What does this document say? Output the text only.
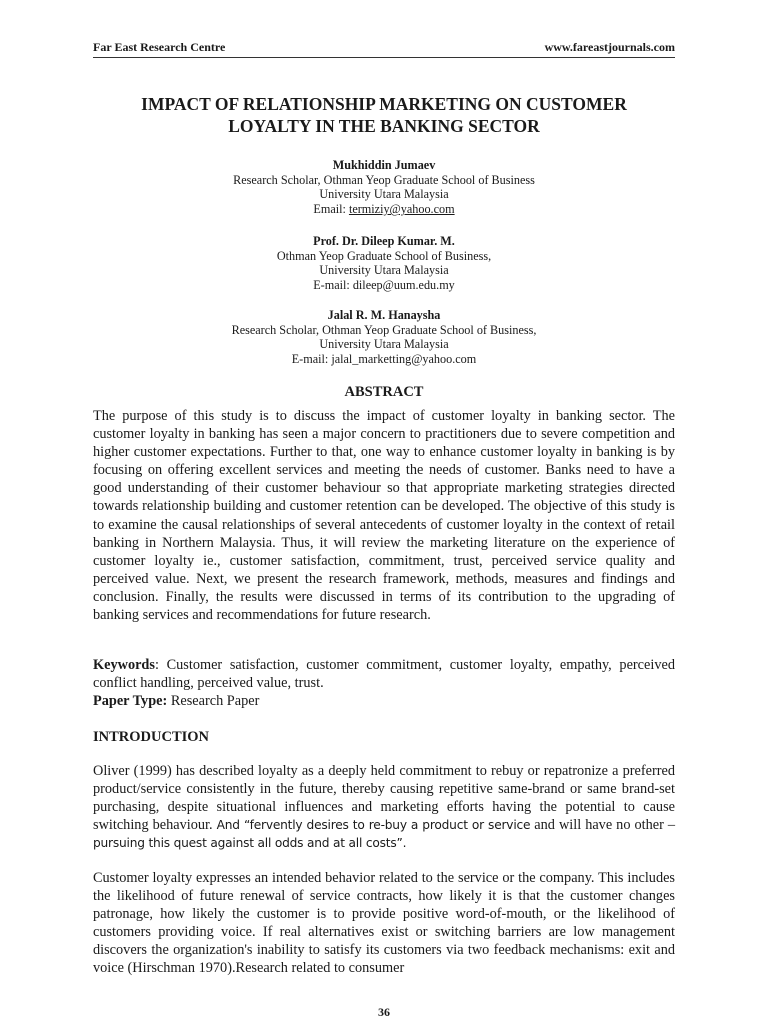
Far East Research Centre	www.fareastjournals.com
IMPACT OF RELATIONSHIP MARKETING ON CUSTOMER
LOYALTY IN THE BANKING SECTOR
Mukhiddin Jumaev
Research Scholar, Othman Yeop Graduate School of Business
University Utara Malaysia
Email: termiziy@yahoo.com
Prof. Dr. Dileep Kumar. M.
Othman Yeop Graduate School of Business,
University Utara Malaysia
E-mail: dileep@uum.edu.my
Jalal R. M. Hanaysha
Research Scholar, Othman Yeop Graduate School of Business,
University Utara Malaysia
E-mail: jalal_marketting@yahoo.com
ABSTRACT

The purpose of this study is to discuss the impact of customer loyalty in banking sector. The customer loyalty in banking has seen a major concern to practitioners due to severe competition and higher customer expectations. Further to that, one way to enhance customer loyalty in banking is by focusing on offering excellent services and meeting the needs of customer. Banks need to have a good understanding of their customer behaviour so that appropriate marketing strategies directed towards relationship building and customer retention can be developed. The objective of this study is to examine the causal relationships of several antecedents of customer loyalty in the context of retail banking in Northern Malaysia. Thus, it will review the marketing literature on the experience of customer loyalty ie., customer satisfaction, commitment, trust, perceived service quality and perceived value. Next, we present the research framework, methods, measures and findings and conclusion. Finally, the results were discussed in terms of its contribution to the upgrading of banking services and recommendations for future research.

Keywords: Customer satisfaction, customer commitment, customer loyalty, empathy, perceived conflict handling, perceived value, trust.

Paper Type: Research Paper

INTRODUCTION

Oliver (1999) has described loyalty as a deeply held commitment to rebuy or repatronize a preferred product/service consistently in the future, thereby causing repetitive same-brand or same brand-set purchasing, despite situational influences and marketing efforts having the potential to cause switching behaviour. And “fervently desires to re-buy a product or service and will have no other – pursuing this quest against all odds and at all costs”.

Customer loyalty expresses an intended behavior related to the service or the company. This includes the likelihood of future renewal of service contracts, how likely it is that the customer changes patronage, how likely the customer is to provide positive word-of-mouth, or the likelihood of customers providing voice. If real alternatives exist or switching barriers are low management discovers the organization's inability to satisfy its customers via two feedback mechanisms: exit and voice (Hirschman 1970).Research related to consumer

36
